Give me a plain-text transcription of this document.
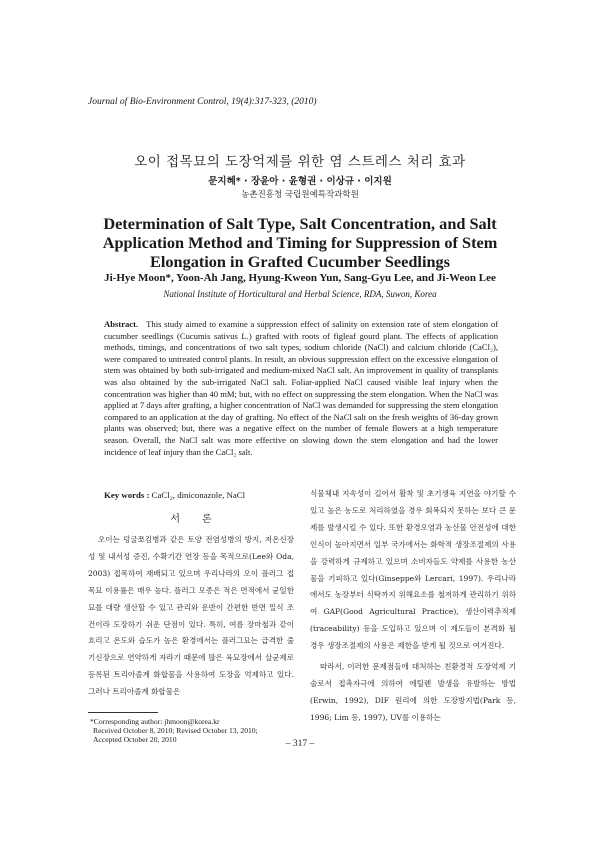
Journal of Bio-Environment Control, 19(4):317-323, (2010)
오이 접목묘의 도장억제를 위한 염 스트레스 처리 효과
문지혜* · 장윤아 · 윤형권 · 이상규 · 이지원
농촌진흥청 국립원예특작과학원
Determination of Salt Type, Salt Concentration, and Salt Application Method and Timing for Suppression of Stem Elongation in Grafted Cucumber Seedlings
Ji-Hye Moon*, Yoon-Ah Jang, Hyung-Kweon Yun, Sang-Gyu Lee, and Ji-Weon Lee
National Institute of Horticultural and Herbal Science, RDA, Suwon, Korea

Abstract. This study aimed to examine a suppression effect of salinity on extension rate of stem elongation of cucumber seedlings (Cucumis sativus L.) grafted with roots of figleaf gourd plant. The effects of application methods, timings, and concentrations of two salt types, sodium chloride (NaCl) and calcium chloride (CaCl₂), were compared to untreated control plants. In result, an obvious suppression effect on the excessive elongation of stem was obtained by both sub-irrigated and medium-mixed NaCl salt. An improvement in quality of transplants was also obtained by the sub-irrigated NaCl salt. Foliar-applied NaCl caused visible leaf injury when the concentration was higher than 40 mM; but, with no effect on suppressing the stem elongation. When the NaCl was applied at 7 days after grafting, a higher concentration of NaCl was demanded for suppressing the stem elongation compared to an application at the day of grafting. No effect of the NaCl salt on the fresh weights of 36-day grown plants was observed; but, there was a negative effect on the number of female flowers at a high temperature season. Overall, the NaCl salt was more effective on slowing down the stem elongation and had the lower incidence of leaf injury than the CaCl₂ salt.

Key words : CaCl₂, diniconazole, NaCl
서론

오이는 덩굴쪼김병과 같은 토양 전염성병의 방지, 저온신장성 및 내서성 증진, 수확기간 연장 등을 목적으로(Lee와 Oda, 2003) 접목하여 재배되고 있으며 우리나라의 오이 플러그 접목묘 이용률은 매우 높다. 플러그 모종은 적은 면적에서 균일한 묘를 대량 생산할 수 있고 관리와 운반이 간편한 반면 밀식 조건이라 도장하기 쉬운 단점이 있다. 특히, 여름 장마철과 같이 흐리고 온도와 습도가 높은 환경에서는 플러그묘는 급격한 줄기신장으로 연약하게 자라기 때문에 많은 육묘장에서 살균제로 등록된 트리아졸계 화합물을 사용하여 도장을 억제하고 있다. 그러나 트리아졸계 화합물은

식물체내 지속성이 길어서 활착 및 초기생육 지연을 야기할 수 있고 높은 농도로 처리하였을 경우 회복되지 못하는 보다 큰 문제를 발생시킬 수 있다. 또한 환경오염과 농산물 안전성에 대한 인식이 높아지면서 일부 국가에서는 화학적 생장조절제의 사용을 강력하게 규제하고 있으며 소비자들도 약제를 사용한 농산물을 기피하고 있다(Ginseppe와 Lercari, 1997). 우리나라에서도 농장부터 식탁까지 위해요소를 철저하게 관리하기 위하여 GAP(Good Agricultural Practice), 생산이력추적제(traceability) 등을 도입하고 있으며 이 제도들이 본격화 될 경우 생장조절제의 사용은 제한을 받게 될 것으로 여겨진다.

따라서, 이러한 문제점들에 대처하는 친환경적 도장억제 기술로서 접촉자극에 의하여 에틸렌 발생을 유발하는 방법(Erwin, 1992), DIF 원리에 의한 도장방지법(Park 등, 1996; Lim 등, 1997), UV를 이용하는

*Corresponding author: jhmoon@korea.kr
Received October 8, 2010; Revised October 13, 2010;
Accepted October 20, 2010	– 317 –
